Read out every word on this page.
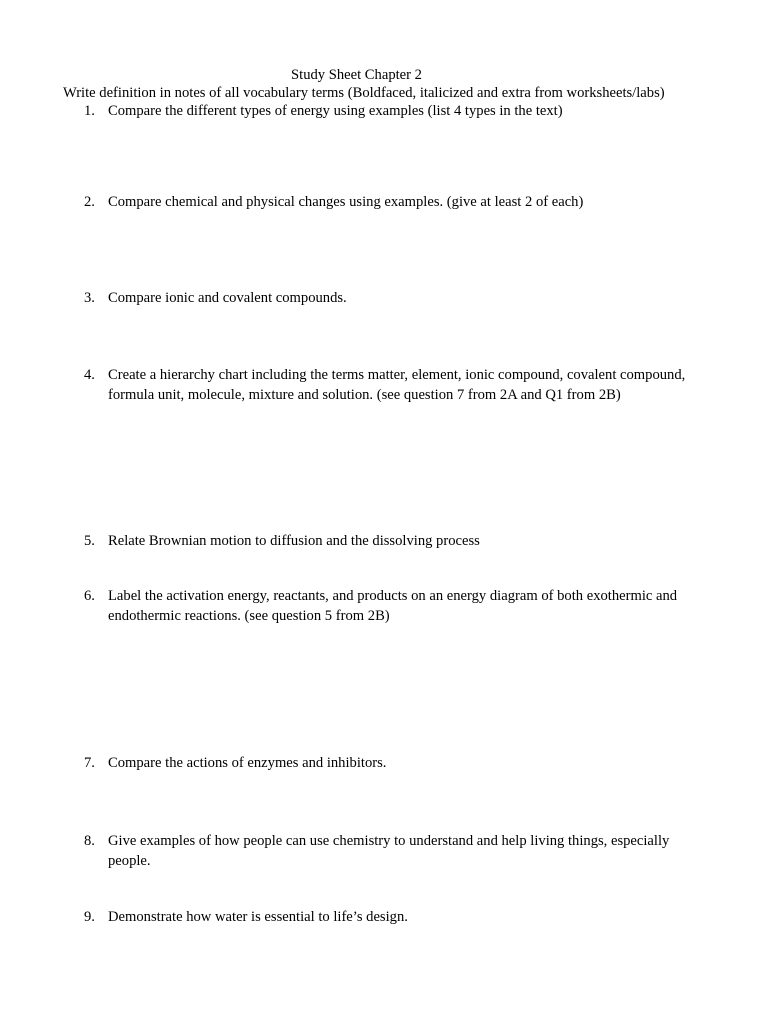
Study Sheet Chapter 2
Write definition in notes of all vocabulary terms (Boldfaced, italicized and extra from worksheets/labs)
1. Compare the different types of energy using examples (list 4 types in the text)
2. Compare chemical and physical changes using examples. (give at least 2 of each)
3. Compare ionic and covalent compounds.
4. Create a hierarchy chart including the terms matter, element, ionic compound, covalent compound, formula unit, molecule, mixture and solution. (see question 7 from 2A and Q1 from 2B)
5. Relate Brownian motion to diffusion and the dissolving process
6. Label the activation energy, reactants, and products on an energy diagram of both exothermic and endothermic reactions. (see question 5 from 2B)
7. Compare the actions of enzymes and inhibitors.
8. Give examples of how people can use chemistry to understand and help living things, especially people.
9. Demonstrate how water is essential to life’s design.
